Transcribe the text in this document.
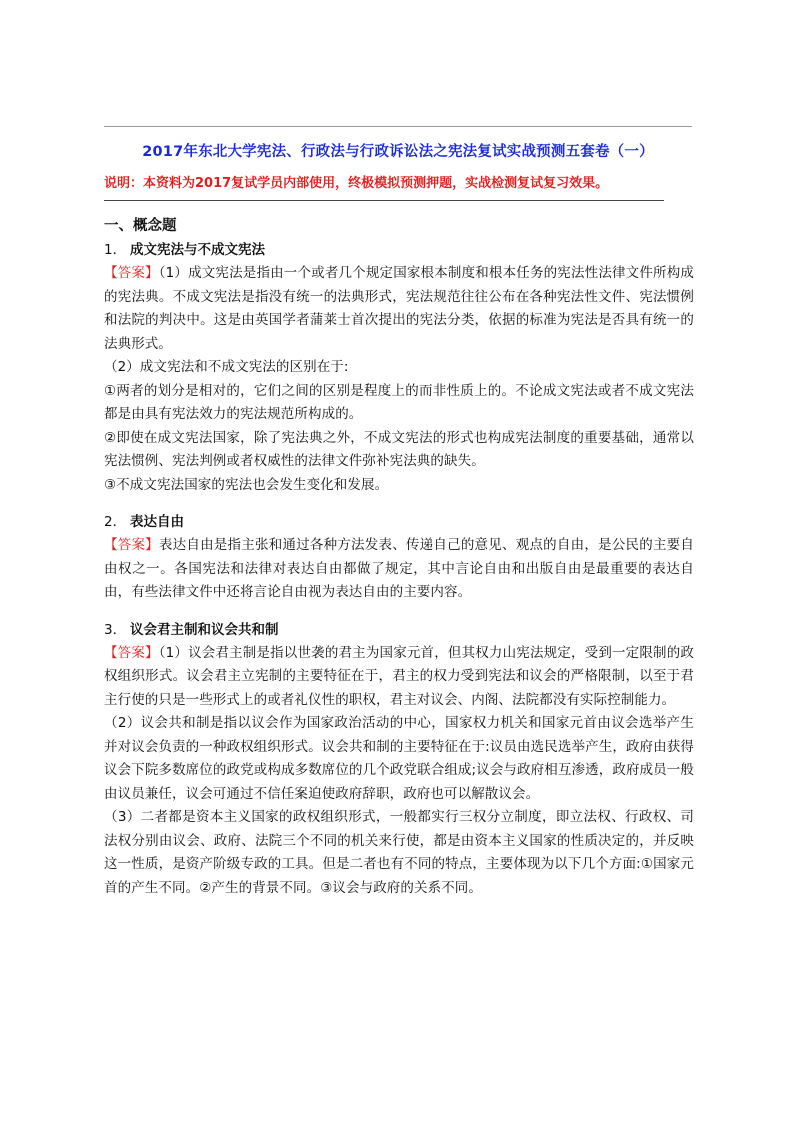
2017年东北大学宪法、行政法与行政诉讼法之宪法复试实战预测五套卷（一）
说明：本资料为2017复试学员内部使用，终极模拟预测押题，实战检测复试复习效果。

一、概念题

1． 成文宪法与不成文宪法

【答案】（1）成文宪法是指由一个或者几个规定国家根本制度和根本任务的宪法性法律文件所构成的宪法典。不成文宪法是指没有统一的法典形式，宪法规范往往公布在各种宪法性文件、宪法惯例和法院的判决中。这是由英国学者蒲莱士首次提出的宪法分类，依据的标准为宪法是否具有统一的法典形式。

（2）成文宪法和不成文宪法的区别在于:

①两者的划分是相对的，它们之间的区别是程度上的而非性质上的。不论成文宪法或者不成文宪法都是由具有宪法效力的宪法规范所构成的。

②即使在成文宪法国家，除了宪法典之外，不成文宪法的形式也构成宪法制度的重要基础，通常以宪法惯例、宪法判例或者权威性的法律文件弥补宪法典的缺失。

③不成文宪法国家的宪法也会发生变化和发展。

2． 表达自由

【答案】表达自由是指主张和通过各种方法发表、传递自己的意见、观点的自由，是公民的主要自由权之一。各国宪法和法律对表达自由都做了规定，其中言论自由和出版自由是最重要的表达自由，有些法律文件中还将言论自由视为表达自由的主要内容。

3． 议会君主制和议会共和制

【答案】（1）议会君主制是指以世袭的君主为国家元首，但其权力山宪法规定，受到一定限制的政权组织形式。议会君主立宪制的主要特征在于，君主的权力受到宪法和议会的严格限制，以至于君主行使的只是一些形式上的或者礼仪性的职权，君主对议会、内阁、法院都没有实际控制能力。

（2）议会共和制是指以议会作为国家政治活动的中心，国家权力机关和国家元首由议会选举产生并对议会负责的一种政权组织形式。议会共和制的主要特征在于:议员由选民选举产生，政府由获得议会下院多数席位的政党或构成多数席位的几个政党联合组成;议会与政府相互渗透，政府成员一般由议员兼任，议会可通过不信任案迫使政府辞职，政府也可以解散议会。

（3）二者都是资本主义国家的政权组织形式，一般都实行三权分立制度，即立法权、行政权、司法权分别由议会、政府、法院三个不同的机关来行使，都是由资本主义国家的性质决定的，并反映这一性质，是资产阶级专政的工具。但是二者也有不同的特点，主要体现为以下几个方面:①国家元首的产生不同。②产生的背景不同。③议会与政府的关系不同。
